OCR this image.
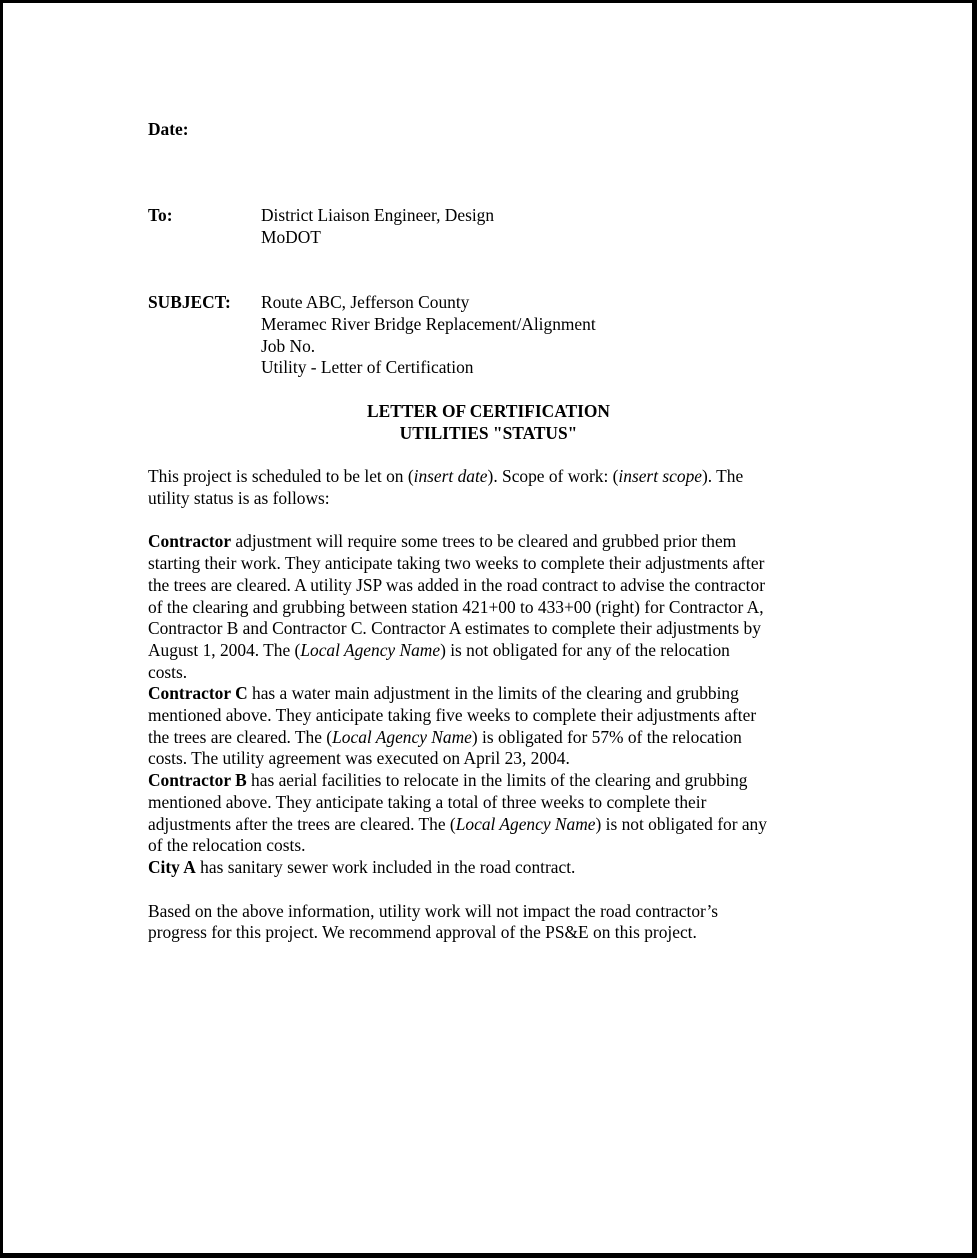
Date:
To:	District Liaison Engineer, Design
MoDOT
SUBJECT: Route ABC, Jefferson County
Meramec River Bridge Replacement/Alignment
Job No.
Utility - Letter of Certification
LETTER OF CERTIFICATION
UTILITIES "STATUS"
This project is scheduled to be let on (insert date). Scope of work: (insert scope). The
utility status is as follows:
Contractor adjustment will require some trees to be cleared and grubbed prior them
starting their work. They anticipate taking two weeks to complete their adjustments after
the trees are cleared. A utility JSP was added in the road contract to advise the contractor
of the clearing and grubbing between station 421+00 to 433+00 (right) for Contractor A,
Contractor B and Contractor C. Contractor A estimates to complete their adjustments by
August 1, 2004. The (Local Agency Name) is not obligated for any of the relocation
costs.
Contractor C has a water main adjustment in the limits of the clearing and grubbing
mentioned above. They anticipate taking five weeks to complete their adjustments after
the trees are cleared. The (Local Agency Name) is obligated for 57% of the relocation
costs. The utility agreement was executed on April 23, 2004.
Contractor B has aerial facilities to relocate in the limits of the clearing and grubbing
mentioned above. They anticipate taking a total of three weeks to complete their
adjustments after the trees are cleared. The (Local Agency Name) is not obligated for any
of the relocation costs.
City A has sanitary sewer work included in the road contract.
Based on the above information, utility work will not impact the road contractor’s
progress for this project. We recommend approval of the PS&E on this project.
